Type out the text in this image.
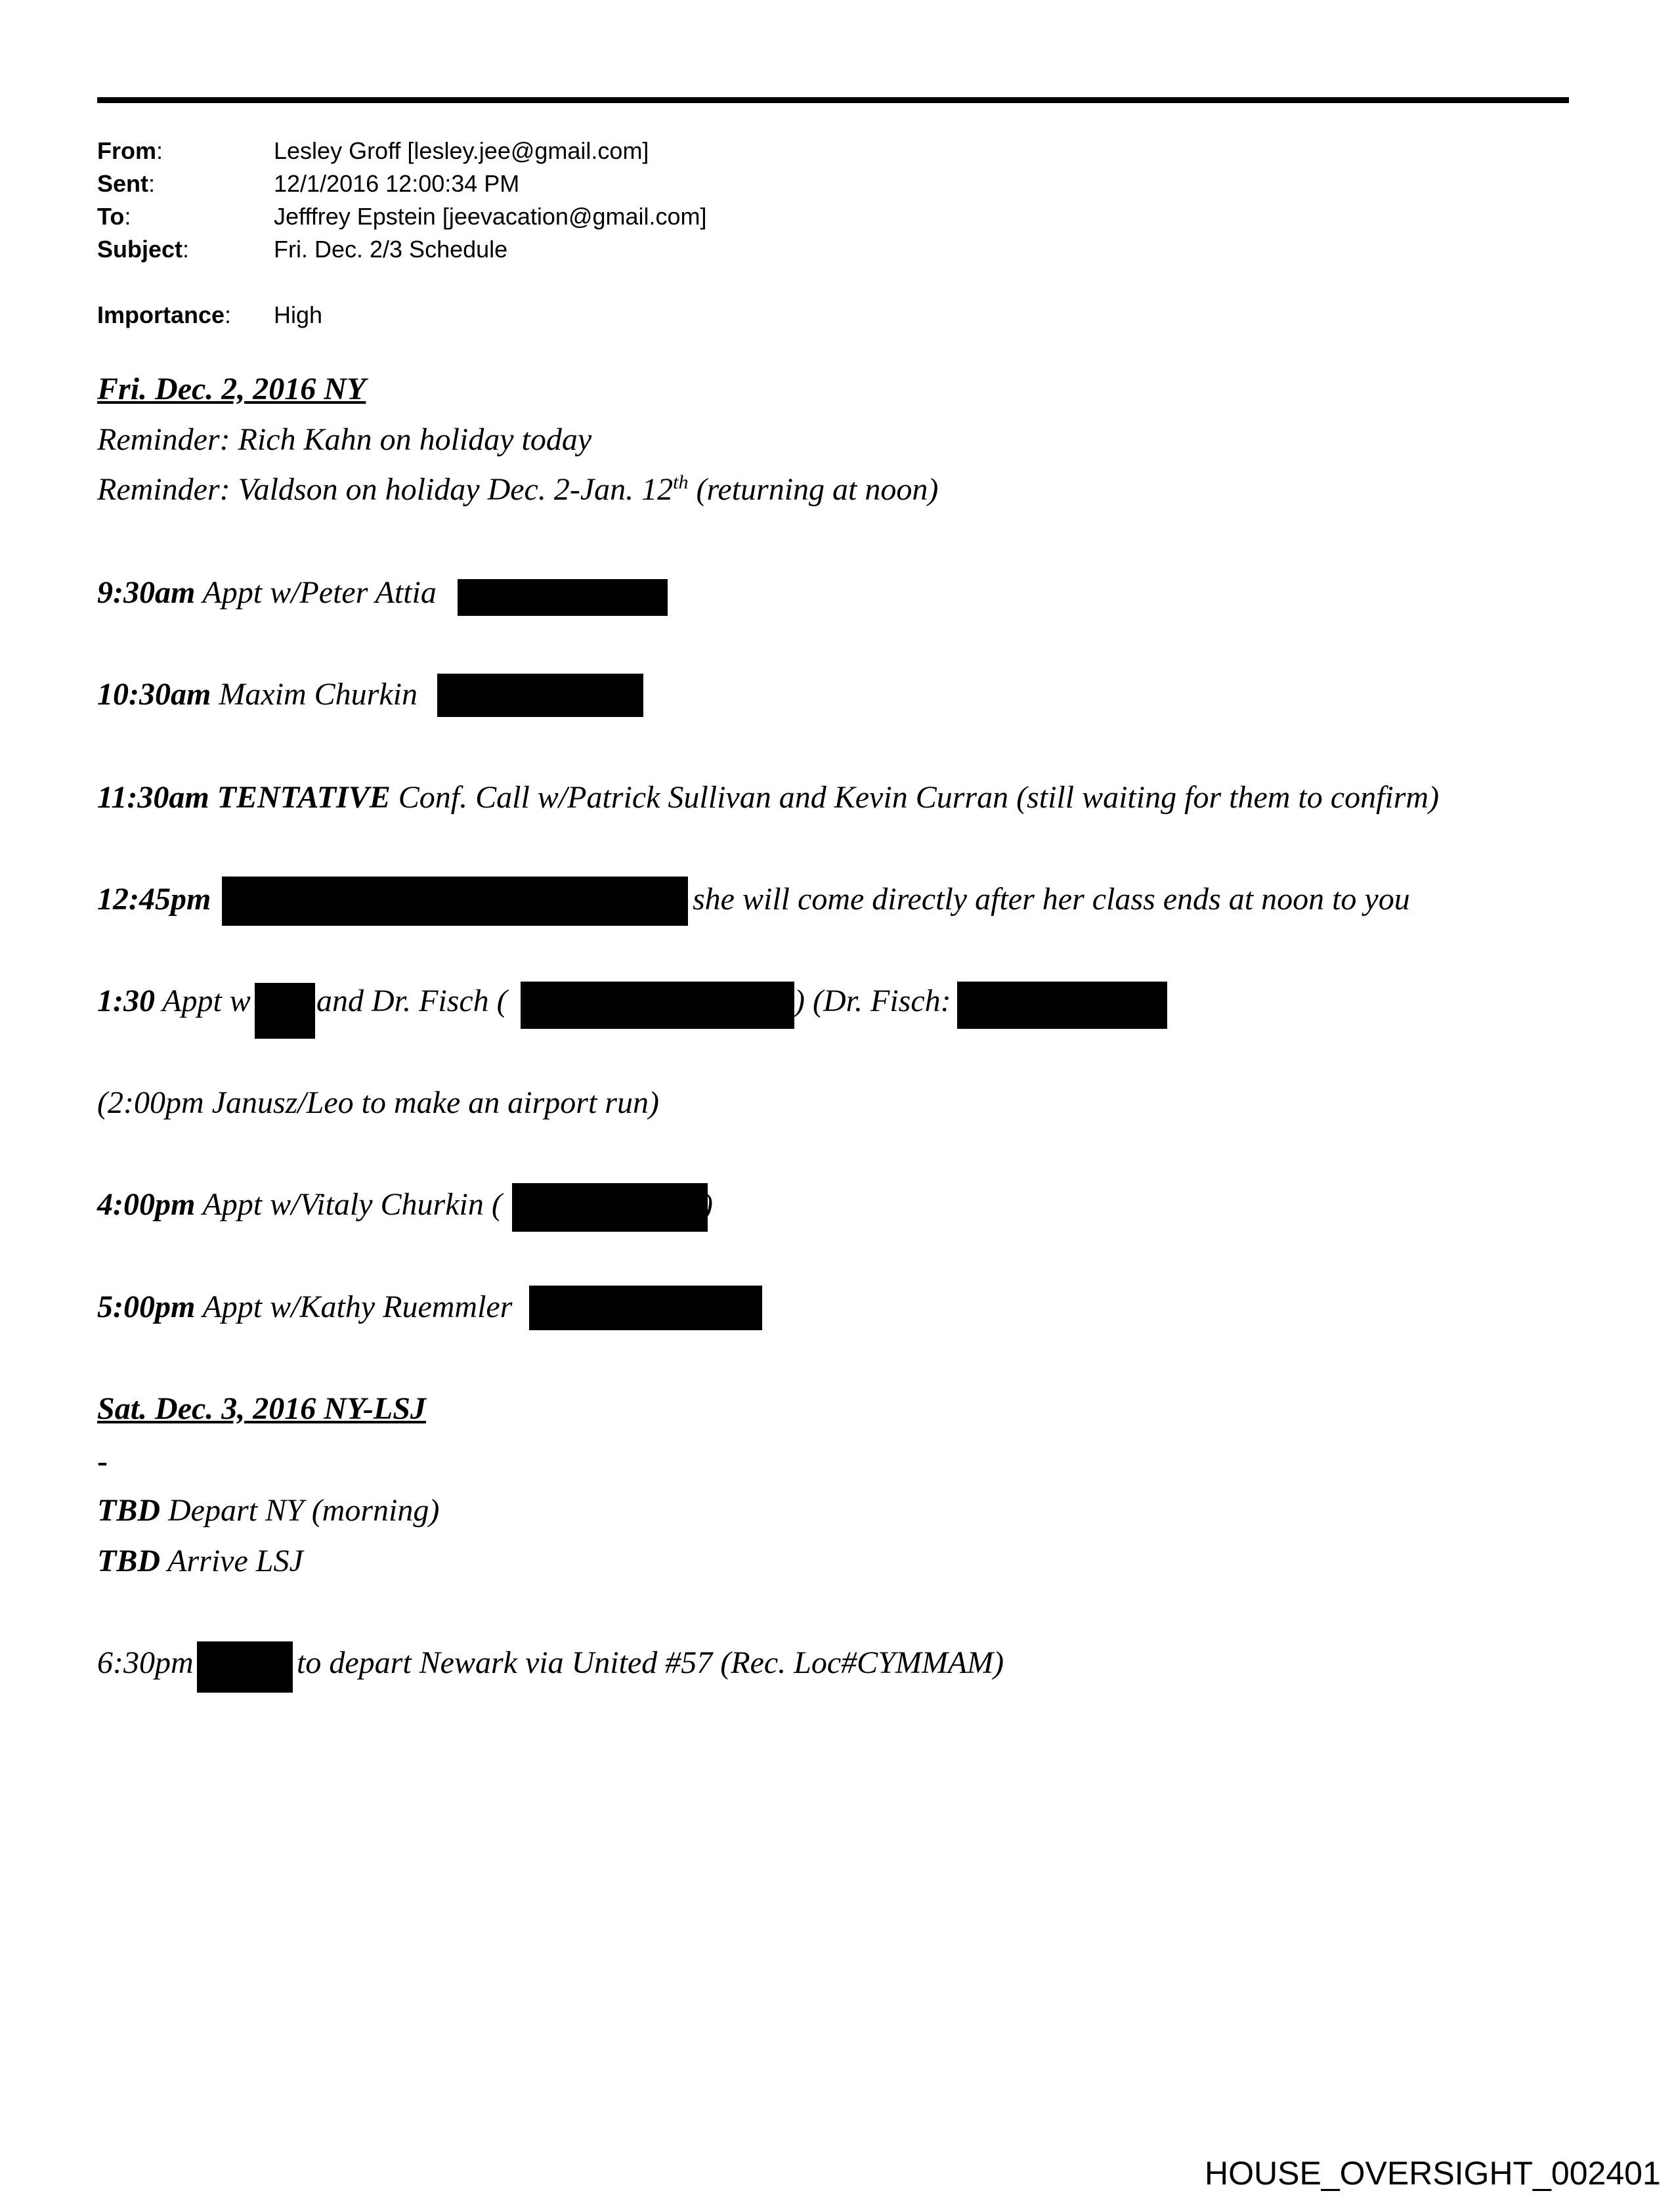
From:	Lesley Groff [lesley.jee@gmail.com]
Sent:	12/1/2016 12:00:34 PM
To:	Jefffrey Epstein [jeevacation@gmail.com]
Subject:	Fri. Dec. 2/3 Schedule
Importance: High
Fri. Dec. 2, 2016 NY
Reminder: Rich Kahn on holiday today
Reminder: Valdson on holiday Dec. 2-Jan. 12th (returning at noon)
9:30am Appt w/Peter Attia
10:30am Maxim Churkin
11:30am TENTATIVE Conf. Call w/Patrick Sullivan and Kevin Curran (still waiting for them to confirm)
12:45pm	she will come directly after her class ends at noon to you
1:30 Appt w and Dr. Fisch (	) (Dr. Fisch:
(2:00pm Janusz/Leo to make an airport run)
4:00pm Appt w/Vitaly Churkin (	)
5:00pm Appt w/Kathy Ruemmler
Sat. Dec. 3, 2016 NY-LSJ
-
TBD Depart NY (morning)
TBD Arrive LSJ
6:30pm	to depart Newark via United #57 (Rec. Loc#CYMMAM)
HOUSE_OVERSIGHT_002401
